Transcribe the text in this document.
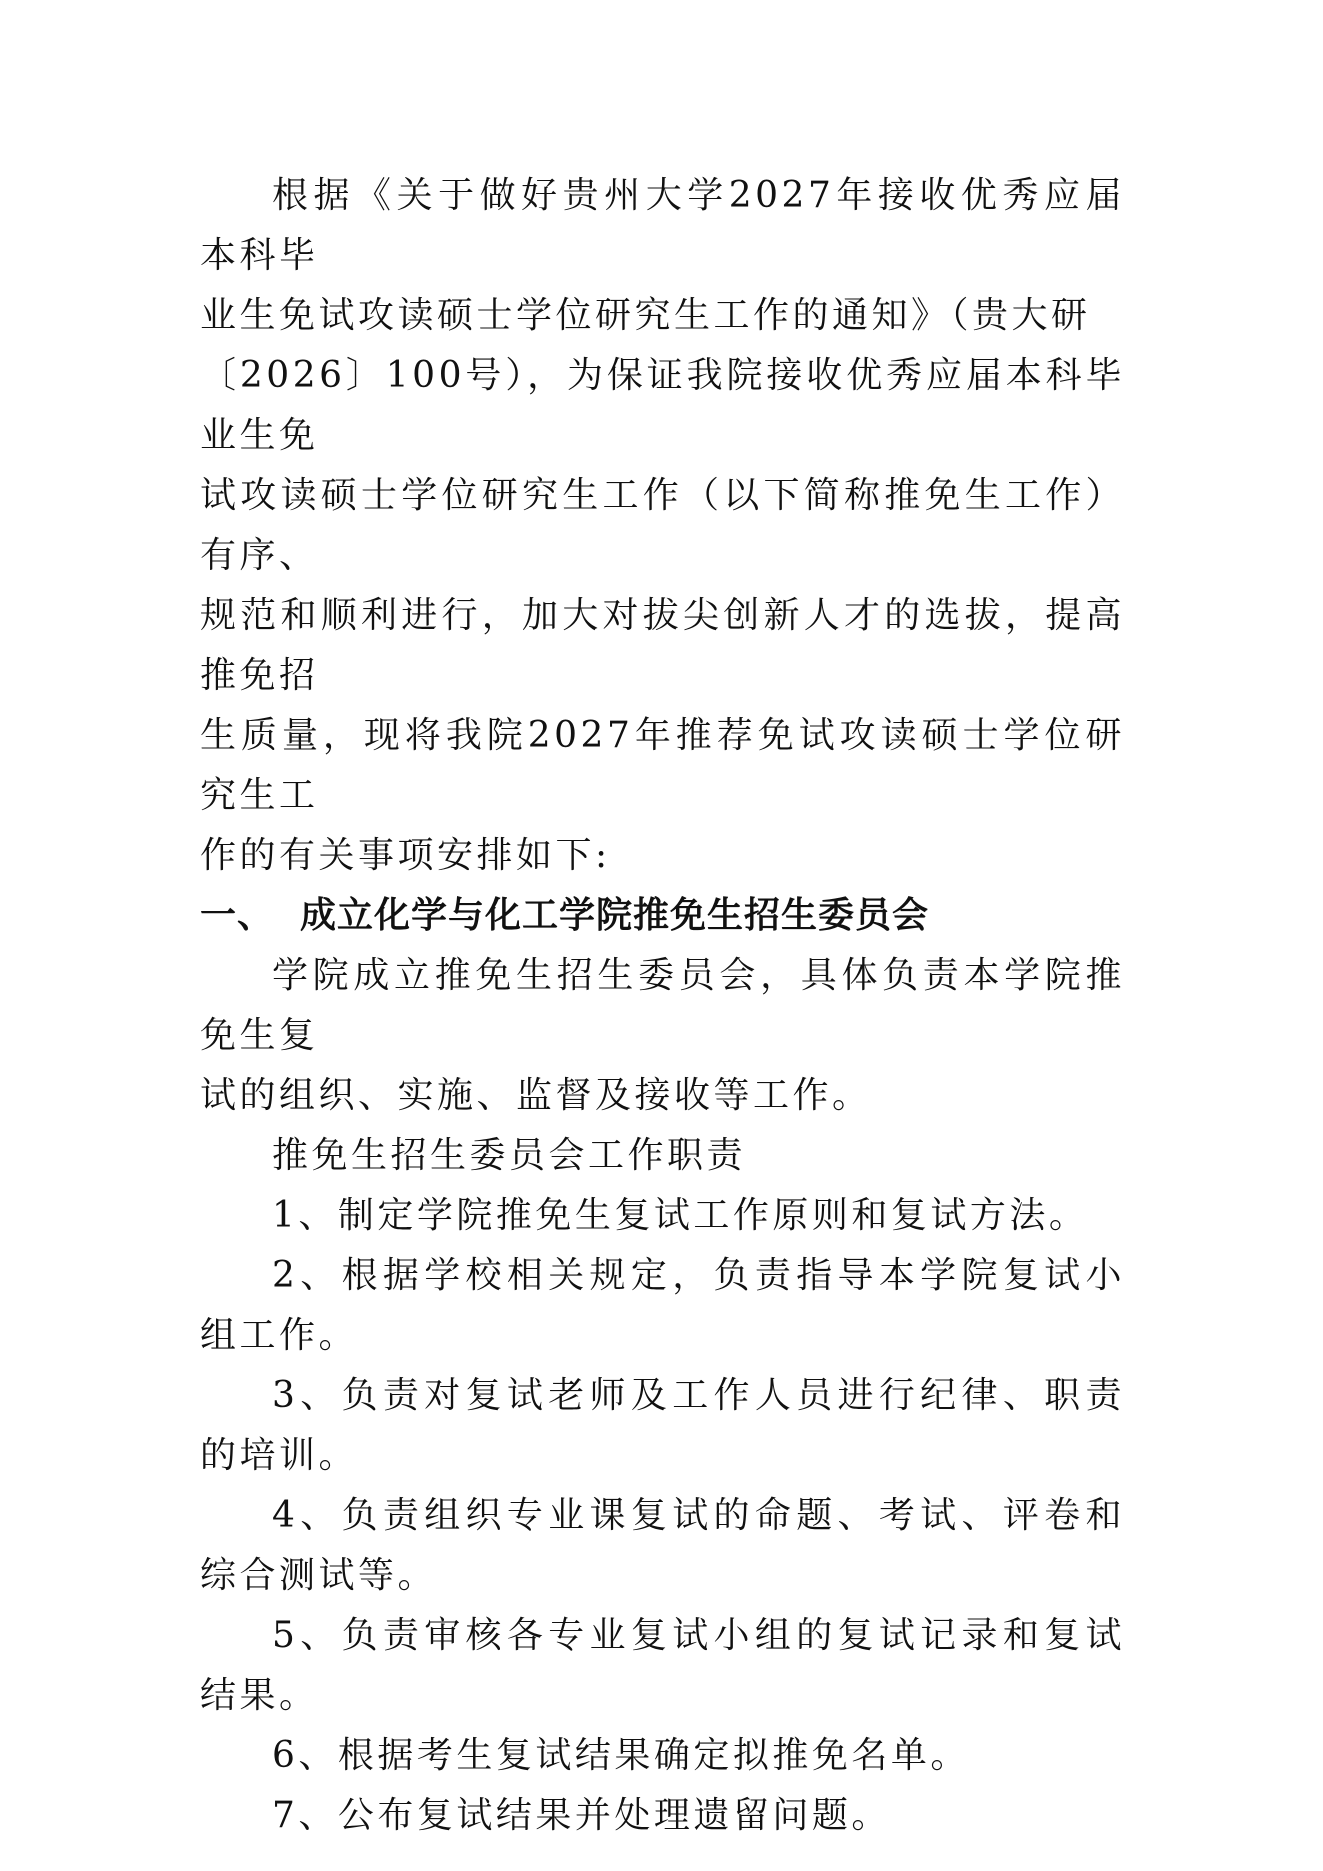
根据《关于做好贵州大学2027年接收优秀应届本科毕
业生免试攻读硕士学位研究生工作的通知》（贵大研
〔2026〕100号），为保证我院接收优秀应届本科毕业生免
试攻读硕士学位研究生工作（以下简称推免生工作）有序、
规范和顺利进行，加大对拔尖创新人才的选拔，提高推免招
生质量，现将我院2027年推荐免试攻读硕士学位研究生工
作的有关事项安排如下:

一、 成立化学与化工学院推免生招生委员会

学院成立推免生招生委员会，具体负责本学院推免生复
试的组织、实施、监督及接收等工作。

推免生招生委员会工作职责

1、制定学院推免生复试工作原则和复试方法。

2、根据学校相关规定，负责指导本学院复试小组工作。

3、负责对复试老师及工作人员进行纪律、职责的培训。

4、负责组织专业课复试的命题、考试、评卷和综合测试等。

5、负责审核各专业复试小组的复试记录和复试结果。

6、根据考生复试结果确定拟推免名单。

7、公布复试结果并处理遗留问题。
